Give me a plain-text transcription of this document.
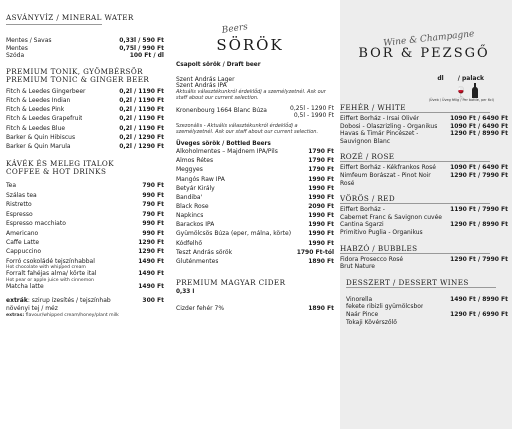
ASVÁNYVÍZ / MINERAL WATER
Mentes / Savas	0,33l / 590 Ft
Mentes	0,75l / 990 Ft
Szóda	100 Ft / dl
PREMIUM TONIK, GYÖMBÉRSÖR
PREMIUM TONIC & GINGER BEER
Fitch & Leedes Gingerbeer	0,2l / 1190 Ft
Fitch & Leedes Indian	0,2l / 1190 Ft
Fitch & Leedes Pink	0,2l / 1190 Ft
Fitch & Leedes Grapefruit	0,2l / 1190 Ft
Fitch & Leedes Blue	0,2l / 1190 Ft
Barker & Quin Hibiscus	0,2l / 1290 Ft
Barker & Quin Marula	0,2l / 1290 Ft
KÁVÉK ÉS MELEG ITALOK
COFFEE & HOT DRINKS
Tea	790 Ft
Szálas tea	990 Ft
Ristretto	790 Ft
Espresso	790 Ft
Espresso macchiato	990 Ft
Americano	990 Ft
Caffe Latte	1290 Ft
Cappuccino	1290 Ft
Forró csokoládé tejszínhabbal	1490 Ft
Hot chocolate with whipped cream
Forralt fahéjas alma/ körte ital	1490 Ft
Hot pear or apple juice with cinnemon
Matcha latte	1490 Ft
extrák: szirup ízesítés / tejszínhab	300 Ft
növényi tej / méz
extras: flavour/whipped cream/honey/plant milk
Beers
SÖRÖK
Csapolt sörök / Draft beer
Szent András Lager
Szent András IPA
Aktuális választékunkról érdeklődj a személyzetnél. Ask our staff about our current selection.
Kronenbourg 1664 Blanc Búza	0,25l - 1290 Ft
0,5l - 1990 Ft
Szezonális - Aktuális választékunkról érdeklődj a személyzetnél. Ask our staff about our current selection.
Üveges sörök / Bottled Beers
Alkoholmentes – Majdnem IPA/Pils	1790 Ft
Álmos Rétes	1790 Ft
Meggyes	1790 Ft
Mangós Raw IPA	1990 Ft
Betyár Király	1990 Ft
Bandiba'	1990 Ft
Black Rose	2090 Ft
Napkincs	1990 Ft
Barackos IPA	1990 Ft
Gyümölcsös Búza (eper, málna, körte)	1990 Ft
Kódfelhő	1990 Ft
Teszt András sörök	1790 Ft-tól
Gluténmentes	1890 Ft
PREMIUM MAGYAR CIDER
0,33 l
Cizder fehér 7%	1890 Ft
Wine & Champagne
BOR & PEZSGŐ
dl / palack
🍷
(Üveb / Üveg félig / Per bottle, per 6cl)
FEHÉR / WHITE
Eiffert Borház - Irsai Olivér	1090 Ft / 6490 Ft
Dobosi - Olaszrizling - Organikus 1090 Ft / 6490 Ft
Havas & Timár Pincészet -	1290 Ft / 8990 Ft
Sauvignon Blanc
ROZÉ / ROSE
Eiffert Borház - Kékfrankos Rosé 1090 Ft / 6490 Ft
Nimfeum Borászat - Pinot Noir	1290 Ft / 7990 Ft
Rosé
VÖRÖS / RED
Eiffert Borház -	1190 Ft / 7990 Ft
Cabernet Franc & Savignon cuvée
Cantina Sgarzi	1290 Ft / 8990 Ft
Primitivo Puglia - Organikus
HABZÓ / BUBBLES
Fidora Prosecco Rosé	1290 Ft / 7990 Ft
Brut Nature
DESSZERT / DESSERT WINES
Vinorella	1490 Ft / 8990 Ft
fekete ribizli gyümölcsbor
Naár Pince	1290 Ft / 6990 Ft
Tokaji Kövérszőlő
